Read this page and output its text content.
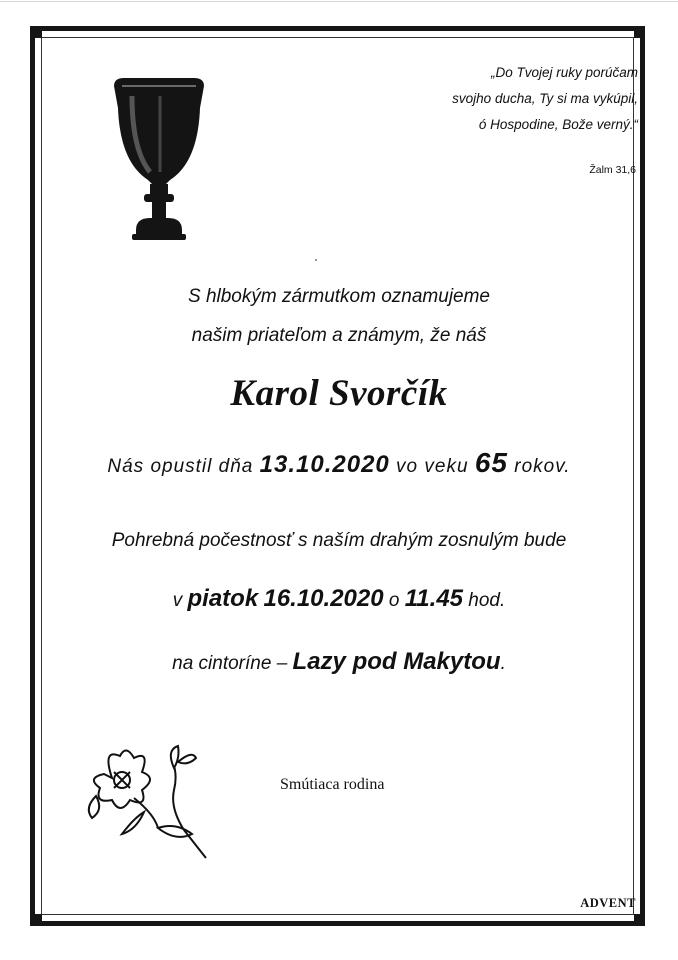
„Do Tvojej ruky porúčam
svojho ducha, Ty si ma vykúpil,
ó Hospodine, Bože verný.“
Žalm 31,6
S hlbokým zármutkom oznamujeme
našim priateľom a známym, že náš
Karol Svorčík
Nás opustil dňa 13.10.2020 vo veku 65 rokov.
Pohrebná počestnosť s naším drahým zosnulým bude
v piatok 16.10.2020 o 11.45 hod.
na cintoríne – Lazy pod Makytou.
Smútiaca rodina
ADVENT
